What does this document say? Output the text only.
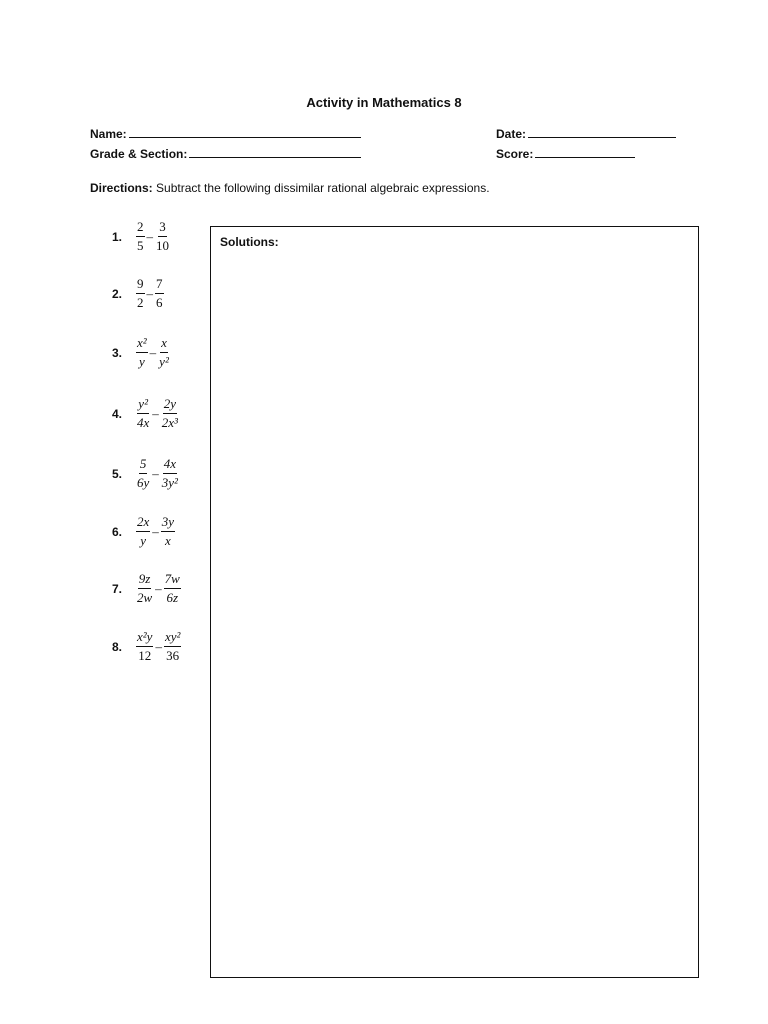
Activity in Mathematics 8
Name:	Date:
Grade & Section:	Score:
Directions: Subtract the following dissimilar rational algebraic expressions.
1.	$\frac{2}{5} - \frac{3}{10}$
2.	$\frac{9}{2} - \frac{7}{6}$
3.	$\frac{\text{x²}}{y} - \frac{x}{\text{y²}}$
4.	$\frac{\text{y²}}{4x} - \frac{2y}{\text{2x³}}$
5.	$\frac{5}{6y} - \frac{4x}{\text{3y²}}$
6.	$\frac{2x}{y} - \frac{3y}{x}$
7.	$\frac{9z}{2w} - \frac{7w}{6z}$
8.	$\frac{\text{x²y}}{12} - \frac{\text{xy²}}{36}$
Solutions:
